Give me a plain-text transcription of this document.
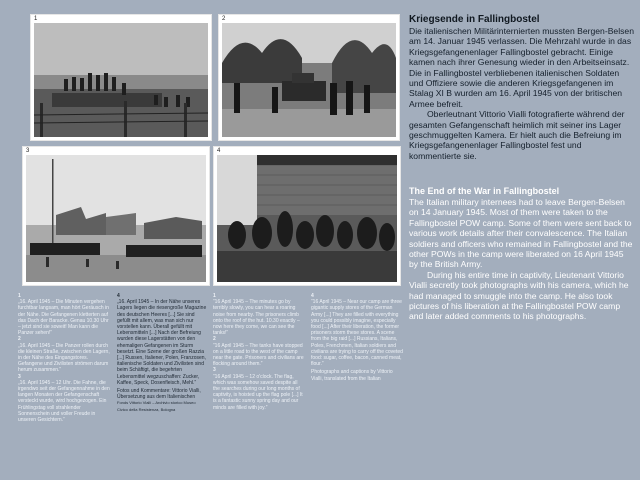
1	2
3	4
Kriegsende in Fallingbostel

Die italienischen Militärinternierten mussten Bergen-Belsen am 14. Januar 1945 verlassen. Die Mehrzahl wurde in das Kriegsgefangenenlager Fallingbostel gebracht. Einige kamen nach ihrer Genesung wieder in den Arbeitseinsatz. Die in Fallingbostel verbliebenen italienischen Soldaten und Offiziere sowie die anderen Kriegsgefangenen im Stalag XI B wurden am 16. April 1945 von der britischen Armee befreit.

Oberleutnant Vittorio Vialli fotografierte während der gesamten Gefangenschaft heimlich mit seiner ins Lager geschmuggelten Kamera. Er hielt auch die Befreiung im Kriegsgefangenenlager Fallingbostel fest und kommentierte sie.

The End of the War in Fallingbostel

The Italian military internees had to leave Bergen-Belsen on 14 January 1945. Most of them were taken to the Fallingbostel POW camp. Some of them were sent back to various work details after their convalescence. The Italian soldiers and officers who remained in Fallingbostel and the other POWs in the camp were liberated on 16 April 1945 by the British Army.

During his entire time in captivity, Lieutenant Vittorio Vialli secretly took photographs with his camera, which he had managed to smuggle into the camp. He also took pictures of his liberation at the Fallingbostel POW camp and later added comments to his photographs.

1
„16. April 1945 – Die Minuten vergehen furchtbar langsam, man hört Geräusch in der Nähe. Die Gefangenen kletterten auf das Dach der Baracke. Genau 10.30 Uhr – jetzt sind sie soweit! Man kann die Panzer sehen!“
2
„16. April 1945 – Die Panzer rollen durch die kleinen Straße, zwischen den Lagern, in der Nähe des Eingangstores. Gefangene und Zivilisten strömen darum herum zusammen.“
3
„16. April 1945 – 12 Uhr. Die Fahne, die irgendwo seit der Gefangennahme in den langen Monaten der Gefangenschaft versteckt wurde, wird hochgezogen. Ein Frühlingstag voll strahlender Sonnenschein und voller Freude in unseren Gesichtern.“
4
„16. April 1945 – In der Nähe unseres Lagers liegen die riesengroße Magazine des deutschen Heeres [...] Sie sind gefüllt mit allem, was man sich nur vorstellen kann. Überall gefüllt mit Lebensmitteln [...] Nach der Befreiung wurden diese Lagerstätten von den ehemaligen Gefangenen im Sturm besetzt. Eine Szene der großen Razzia [...] Russen, Italiener, Polen, Franzosen, italienische Soldaten und Zivilisten sind beim Schäftigt, die begehrten Lebensmittel wegzuschaffen: Zucker, Kaffee, Speck, Dosenfleisch, Mehl.“
Fotos und Kommentare: Vittorio Vialli, Übersetzung aus dem Italienischen
Fonds Vittorio Vialli – Archivio storico Museo Civico della Resistenza, Bologna
1
“16 April 1945 – The minutes go by terribly slowly, you can hear a roaring noise from nearby. The prisoners climb onto the roof of the hut. 10.30 exactly – now here they come, we can see the tanks!”
2
“16 April 1945 – The tanks have stopped on a little road to the west of the camp near the gate. Prisoners and civilians are flocking around them.”
3
“16 April 1945 – 12 o'clock. The flag, which was somehow saved despite all the searches during our long months of captivity, is hoisted up the flag pole [...] It is a fantastic sunny spring day and our minds are filled with joy.”
4
“16 April 1945 – Near our camp are three gigantic supply stores of the German Army [...] They are filled with everything you could possibly imagine, especially food [...] After their liberation, the former prisoners storm these stores. A scene from the big raid [...] Russians, Italians, Poles, Frenchmen, Italian soldiers and civilians are trying to carry off the coveted food: sugar, coffee, bacon, canned meat, flour.”
Photographs and captions by Vittorio Vialli, translated from the Italian
